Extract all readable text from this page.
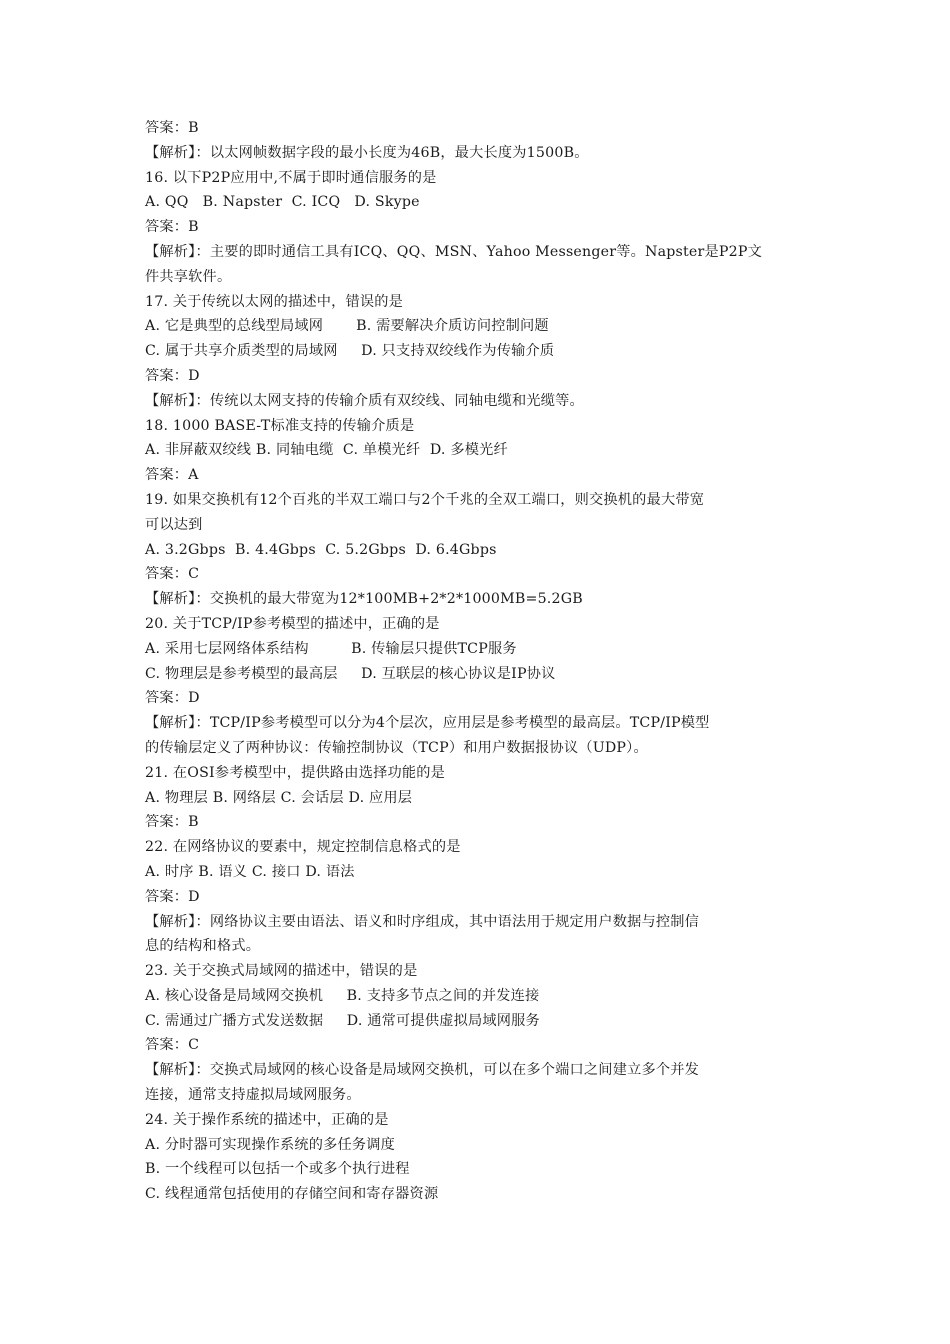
答案：B
【解析】：以太网帧数据字段的最小长度为46B，最大长度为1500B。
16. 以下P2P应用中,不属于即时通信服务的是
A. QQ   B. Napster  C. ICQ   D. Skype
答案：B
【解析】：主要的即时通信工具有ICQ、QQ、MSN、Yahoo Messenger等。Napster是P2P文
件共享软件。
17. 关于传统以太网的描述中，错误的是
A. 它是典型的总线型局域网       B. 需要解决介质访问控制问题
C. 属于共享介质类型的局域网     D. 只支持双绞线作为传输介质
答案：D
【解析】：传统以太网支持的传输介质有双绞线、同轴电缆和光缆等。
18. 1000 BASE-T标准支持的传输介质是
A. 非屏蔽双绞线 B. 同轴电缆  C. 单模光纤  D. 多模光纤
答案：A
19. 如果交换机有12个百兆的半双工端口与2个千兆的全双工端口，则交换机的最大带宽
可以达到
A. 3.2Gbps  B. 4.4Gbps  C. 5.2Gbps  D. 6.4Gbps
答案：C
【解析】：交换机的最大带宽为12*100MB+2*2*1000MB=5.2GB
20. 关于TCP/IP参考模型的描述中，正确的是
A. 采用七层网络体系结构         B. 传输层只提供TCP服务
C. 物理层是参考模型的最高层     D. 互联层的核心协议是IP协议
答案：D
【解析】：TCP/IP参考模型可以分为4个层次，应用层是参考模型的最高层。TCP/IP模型
的传输层定义了两种协议：传输控制协议（TCP）和用户数据报协议（UDP）。
21. 在OSI参考模型中，提供路由选择功能的是
A. 物理层 B. 网络层 C. 会话层 D. 应用层
答案：B
22. 在网络协议的要素中，规定控制信息格式的是
A. 时序 B. 语义 C. 接口 D. 语法
答案：D
【解析】：网络协议主要由语法、语义和时序组成，其中语法用于规定用户数据与控制信
息的结构和格式。
23. 关于交换式局域网的描述中，错误的是
A. 核心设备是局域网交换机     B. 支持多节点之间的并发连接
C. 需通过广播方式发送数据     D. 通常可提供虚拟局域网服务
答案：C
【解析】：交换式局域网的核心设备是局域网交换机，可以在多个端口之间建立多个并发
连接，通常支持虚拟局域网服务。
24. 关于操作系统的描述中，正确的是
A. 分时器可实现操作系统的多任务调度
B. 一个线程可以包括一个或多个执行进程
C. 线程通常包括使用的存储空间和寄存器资源
